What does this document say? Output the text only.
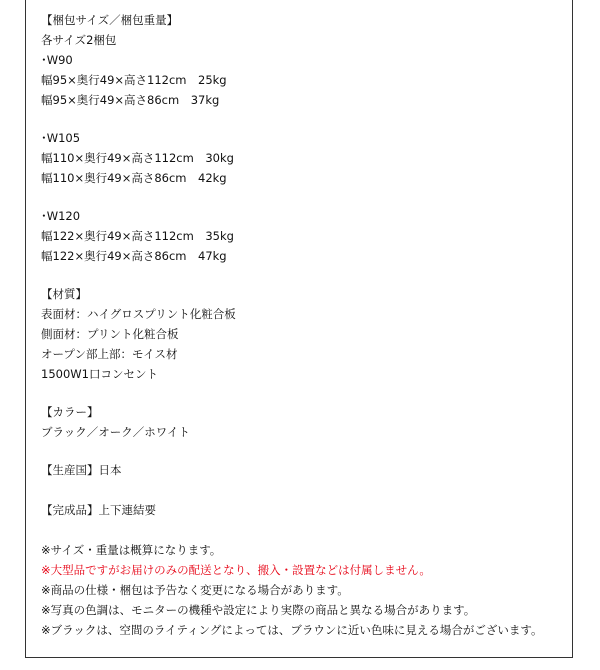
【梱包サイズ／梱包重量】
各サイズ2梱包
･W90
幅95×奥行49×高さ112cm　25kg
幅95×奥行49×高さ86cm　37kg
･W105
幅110×奥行49×高さ112cm　30kg
幅110×奥行49×高さ86cm　42kg
･W120
幅122×奥行49×高さ112cm　35kg
幅122×奥行49×高さ86cm　47kg
【材質】
表面材：ハイグロスプリント化粧合板
側面材：プリント化粧合板
オープン部上部：モイス材
1500W1口コンセント
【カラー】
ブラック／オーク／ホワイト
【生産国】日本
【完成品】上下連結要
※サイズ・重量は概算になります。
※大型品ですがお届けのみの配送となり、搬入・設置などは付属しません。
※商品の仕様・梱包は予告なく変更になる場合があります。
※写真の色調は、モニターの機種や設定により実際の商品と異なる場合があります。
※ブラックは、空間のライティングによっては、ブラウンに近い色味に見える場合がございます。
